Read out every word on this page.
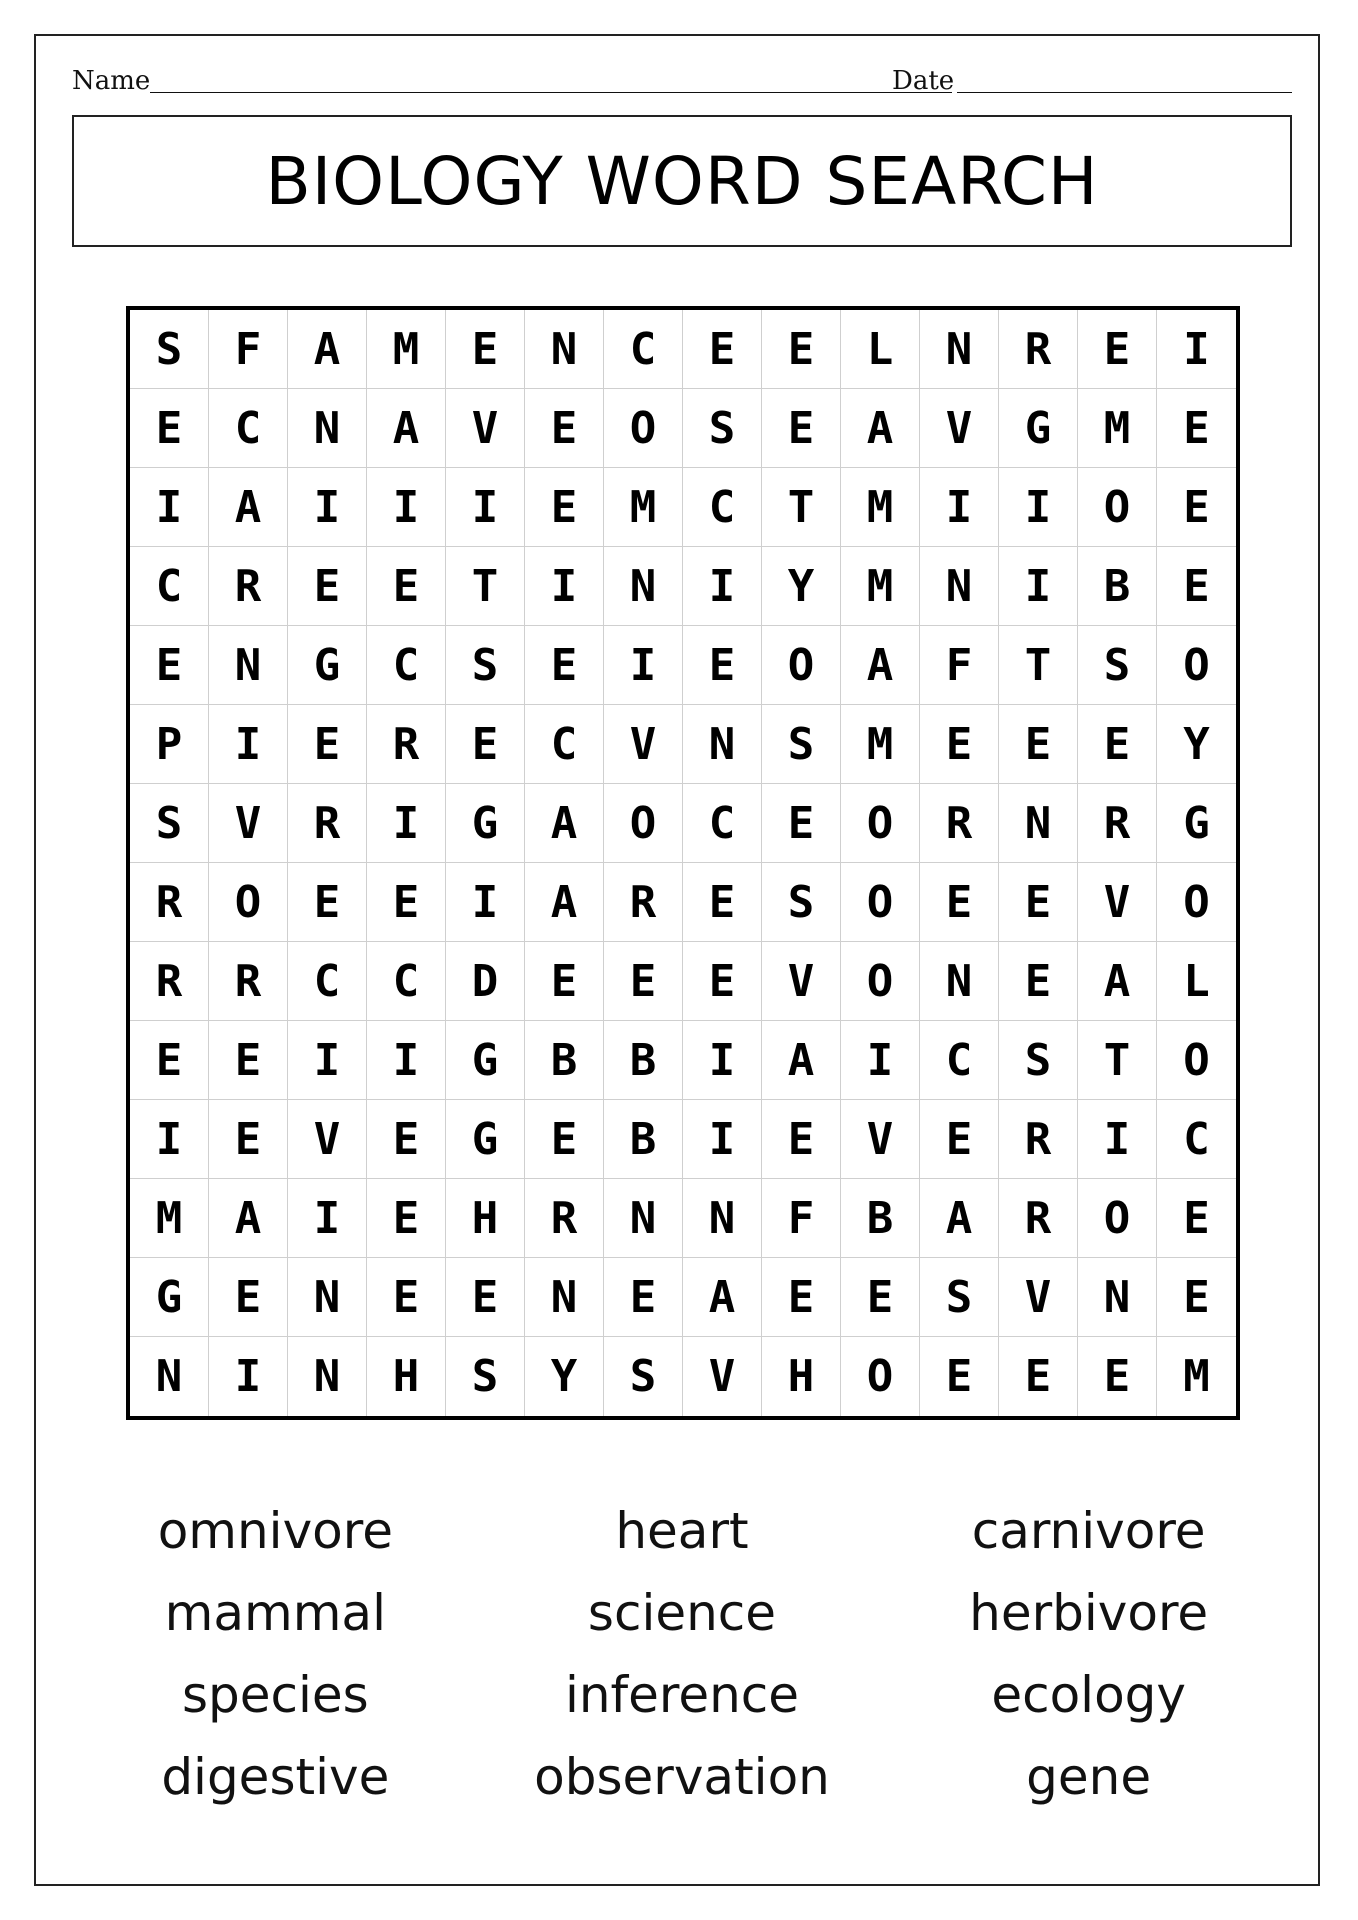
Name	Date
BIOLOGY WORD SEARCH
S	F	A	M	E	N	C	E	E	L	N	R	E	I
E	C	N	A	V	E	O	S	E	A	V	G	M	E
I	A	I	I	I	E	M	C	T	M	I	I	O	E
C	R	E	E	T	I	N	I	Y	M	N	I	B	E
E	N	G	C	S	E	I	E	O	A	F	T	S	O
P	I	E	R	E	C	V	N	S	M	E	E	E	Y
S	V	R	I	G	A	O	C	E	O	R	N	R	G
R	O	E	E	I	A	R	E	S	O	E	E	V	O
R	R	C	C	D	E	E	E	V	O	N	E	A	L
E	E	I	I	G	B	B	I	A	I	C	S	T	O
I	E	V	E	G	E	B	I	E	V	E	R	I	C
M	A	I	E	H	R	N	N	F	B	A	R	O	E
G	E	N	E	E	N	E	A	E	E	S	V	N	E
N	I	N	H	S	Y	S	V	H	O	E	E	E	M
omnivore	heart	carnivore
mammal	science	herbivore
species	inference	ecology
digestive	observation	gene
